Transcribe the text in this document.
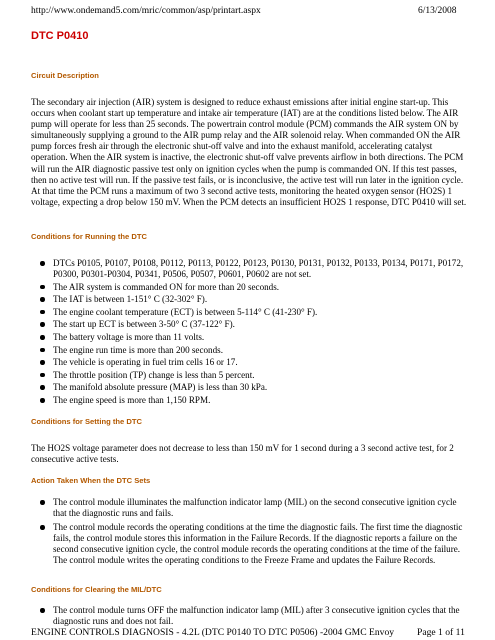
http://www.ondemand5.com/mric/common/asp/printart.aspx	6/13/2008
DTC P0410
Circuit Description

The secondary air injection (AIR) system is designed to reduce exhaust emissions after initial engine start-up. This occurs when coolant start up temperature and intake air temperature (IAT) are at the conditions listed below. The AIR pump will operate for less than 25 seconds. The powertrain control module (PCM) commands the AIR system ON by simultaneously supplying a ground to the AIR pump relay and the AIR solenoid relay. When commanded ON the AIR pump forces fresh air through the electronic shut-off valve and into the exhaust manifold, accelerating catalyst operation. When the AIR system is inactive, the electronic shut-off valve prevents airflow in both directions. The PCM will run the AIR diagnostic passive test only on ignition cycles when the pump is commanded ON. If this test passes, then no active test will run. If the passive test fails, or is inconclusive, the active test will run later in the ignition cycle. At that time the PCM runs a maximum of two 3 second active tests, monitoring the heated oxygen sensor (HO2S) 1 voltage, expecting a drop below 150 mV. When the PCM detects an insufficient HO2S 1 response, DTC P0410 will set.

Conditions for Running the DTC
DTCs P0105, P0107, P0108, P0112, P0113, P0122, P0123, P0130, P0131, P0132, P0133, P0134, P0171, P0172, P0300, P0301-P0304, P0341, P0506, P0507, P0601, P0602 are not set.
The AIR system is commanded ON for more than 20 seconds.
The IAT is between 1-151° C (32-302° F).
The engine coolant temperature (ECT) is between 5-114° C (41-230° F).
The start up ECT is between 3-50° C (37-122° F).
The battery voltage is more than 11 volts.
The engine run time is more than 200 seconds.
The vehicle is operating in fuel trim cells 16 or 17.
The throttle position (TP) change is less than 5 percent.
The manifold absolute pressure (MAP) is less than 30 kPa.
The engine speed is more than 1,150 RPM.
Conditions for Setting the DTC

The HO2S voltage parameter does not decrease to less than 150 mV for 1 second during a 3 second active test, for 2 consecutive active tests.

Action Taken When the DTC Sets
The control module illuminates the malfunction indicator lamp (MIL) on the second consecutive ignition cycle that the diagnostic runs and fails.
The control module records the operating conditions at the time the diagnostic fails. The first time the diagnostic fails, the control module stores this information in the Failure Records. If the diagnostic reports a failure on the second consecutive ignition cycle, the control module records the operating conditions at the time of the failure. The control module writes the operating conditions to the Freeze Frame and updates the Failure Records.
Conditions for Clearing the MIL/DTC
The control module turns OFF the malfunction indicator lamp (MIL) after 3 consecutive ignition cycles that the diagnostic runs and does not fail.
ENGINE CONTROLS DIAGNOSIS - 4.2L (DTC P0140 TO DTC P0506) -2004 GMC Envoy Page 1 of 11
